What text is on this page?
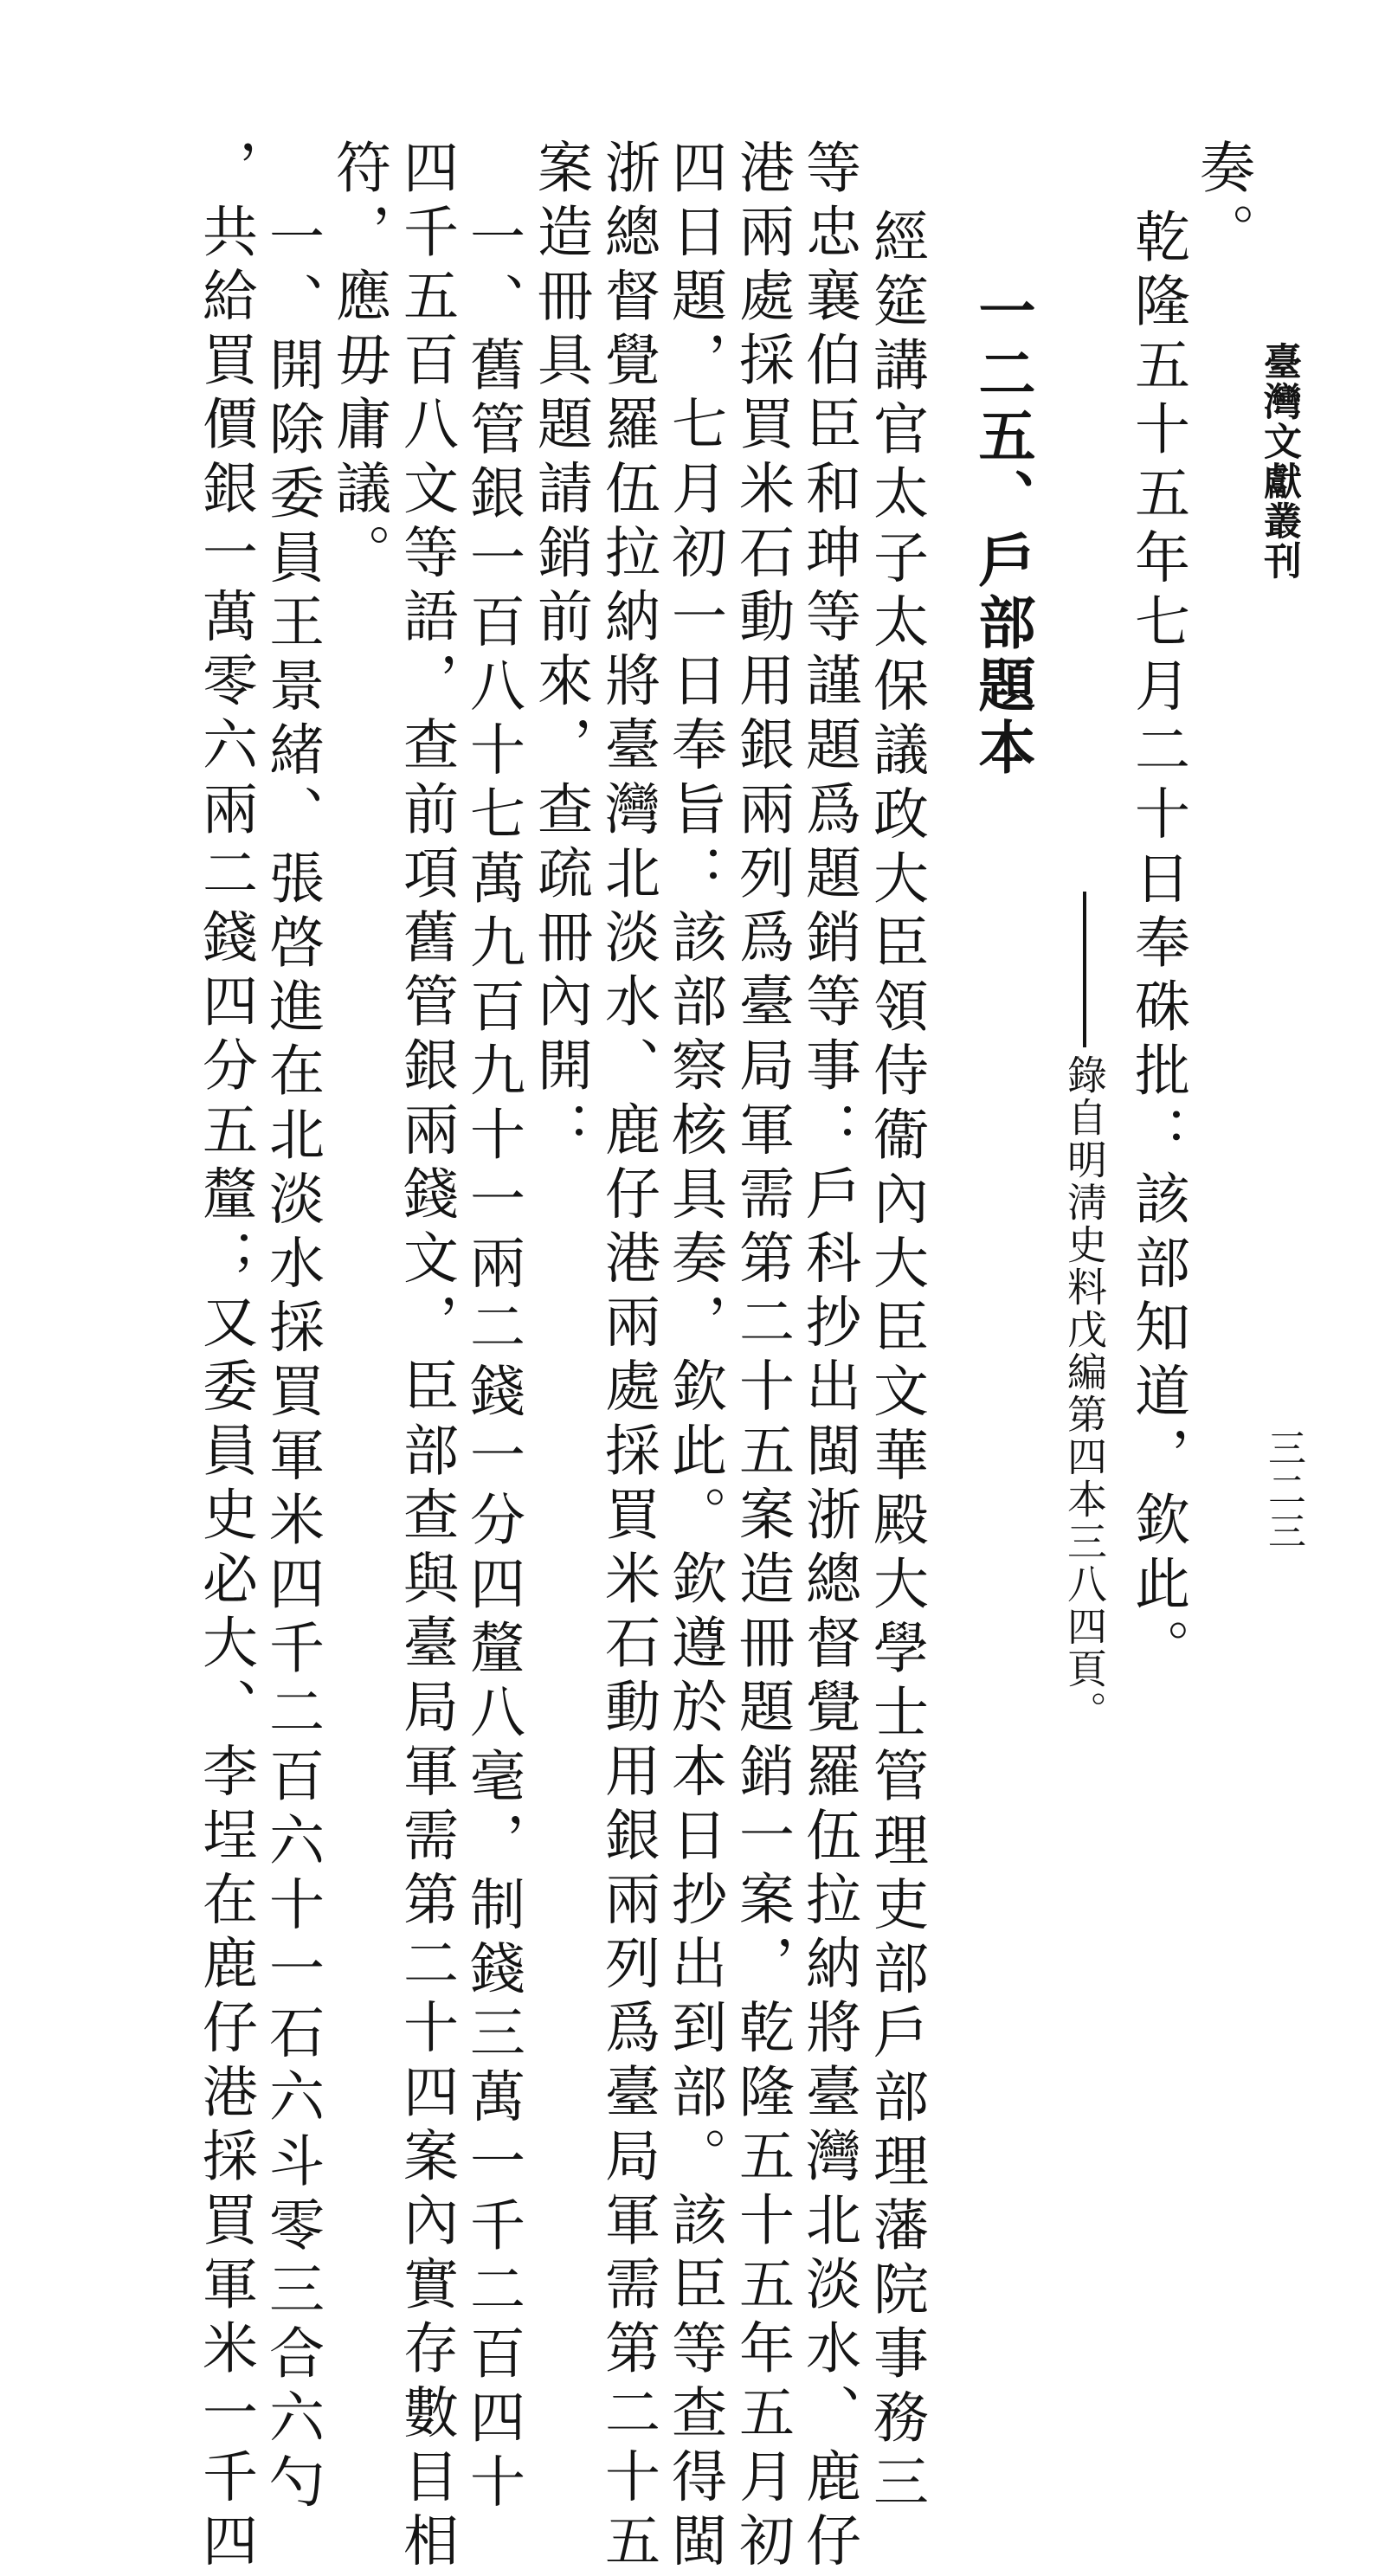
臺灣文獻叢刊
三二三
奏。
乾隆五十五年七月二十日奉硃批：該部知道，欽此。
錄自明淸史料戊編第四本三八四頁。
一二五、戶部題本
經筵講官太子太保議政大臣領侍衞內大臣文華殿大學士管理吏部戶部理藩院事務三
等忠襄伯臣和珅等謹題爲題銷等事：戶科抄出閩浙總督覺羅伍拉納將臺灣北淡水、鹿仔
港兩處採買米石動用銀兩列爲臺局軍需第二十五案造冊題銷一案，乾隆五十五年五月初
四日題，七月初一日奉旨：該部察核具奏，欽此。欽遵於本日抄出到部。該臣等查得閩
浙總督覺羅伍拉納將臺灣北淡水、鹿仔港兩處採買米石動用銀兩列爲臺局軍需第二十五
案造冊具題請銷前來，查疏冊內開：
一、舊管銀一百八十七萬九百九十一兩二錢一分四釐八毫，制錢三萬一千二百四十
四千五百八文等語，查前項舊管銀兩錢文，臣部查與臺局軍需第二十四案內實存數目相
符，應毋庸議。
一、開除委員王景緒、張啓進在北淡水採買軍米四千二百六十一石六斗零三合六勺
，共給買價銀一萬零六兩二錢四分五釐；又委員史必大、李埕在鹿仔港採買軍米一千四
